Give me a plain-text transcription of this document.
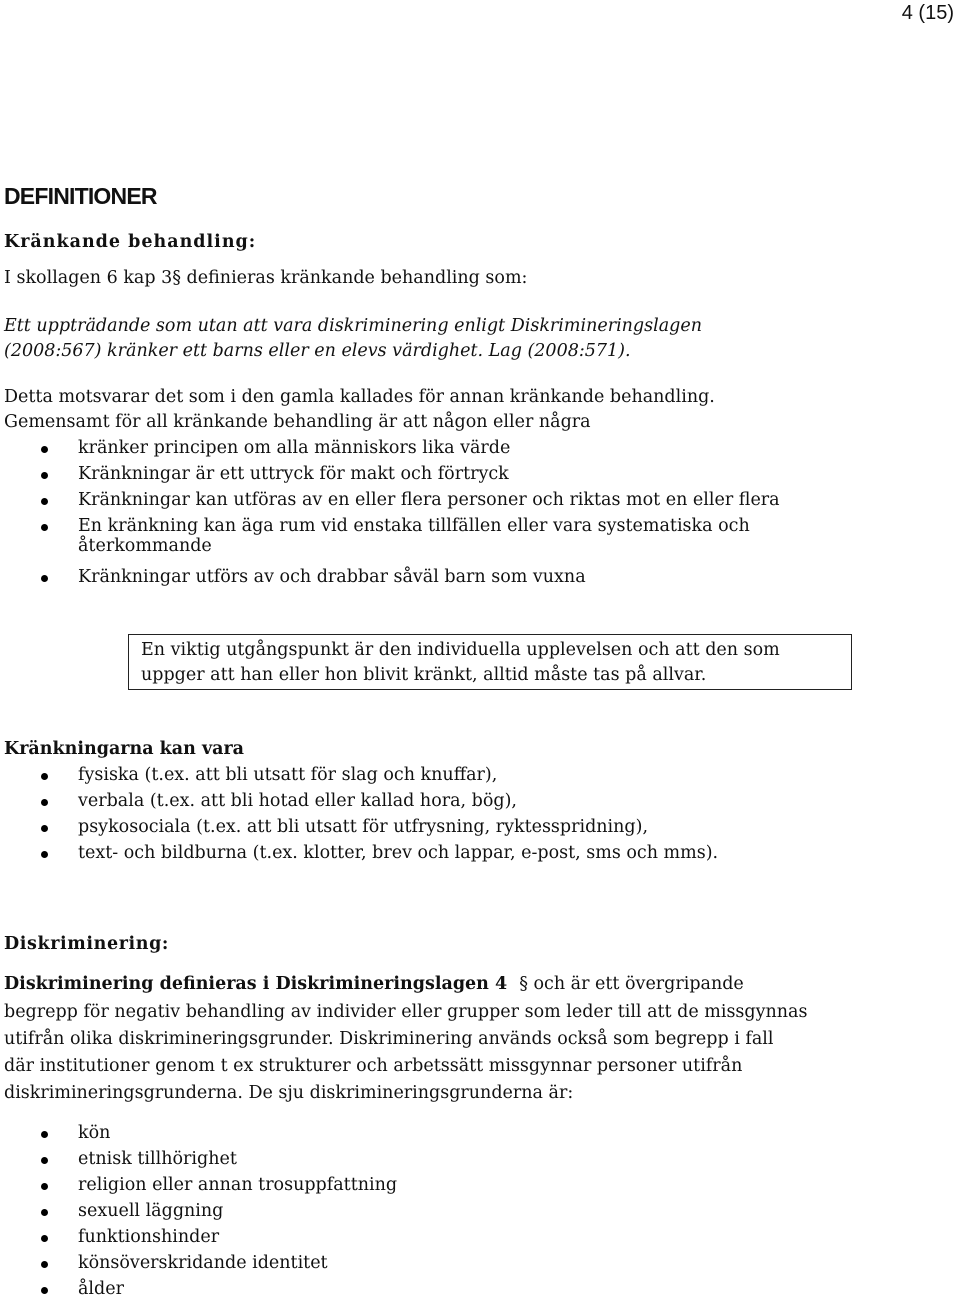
4 (15)
DEFINITIONER
Kränkande behandling:
I skollagen 6 kap 3§ definieras kränkande behandling som:
Ett uppträdande som utan att vara diskriminering enligt Diskrimineringslagen
(2008:567) kränker ett barns eller en elevs värdighet. Lag (2008:571).
Detta motsvarar det som i den gamla kallades för annan kränkande behandling.
Gemensamt för all kränkande behandling är att någon eller några
kränker principen om alla människors lika värde
Kränkningar är ett uttryck för makt och förtryck
Kränkningar kan utföras av en eller flera personer och riktas mot en eller flera
En kränkning kan äga rum vid enstaka tillfällen eller vara systematiska och
återkommande
Kränkningar utförs av och drabbar såväl barn som vuxna
En viktig utgångspunkt är den individuella upplevelsen och att den som
uppger att han eller hon blivit kränkt, alltid måste tas på allvar.
Kränkningarna kan vara
fysiska (t.ex. att bli utsatt för slag och knuffar),
verbala (t.ex. att bli hotad eller kallad hora, bög),
psykosociala (t.ex. att bli utsatt för utfrysning, ryktesspridning),
text- och bildburna (t.ex. klotter, brev och lappar, e-post, sms och mms).
Diskriminering:
Diskriminering definieras i Diskrimineringslagen 4 § och är ett övergripande
begrepp för negativ behandling av individer eller grupper som leder till att de missgynnas
utifrån olika diskrimineringsgrunder. Diskriminering används också som begrepp i fall
där institutioner genom t ex strukturer och arbetssätt missgynnar personer utifrån
diskrimineringsgrunderna. De sju diskrimineringsgrunderna är:
kön
etnisk tillhörighet
religion eller annan trosuppfattning
sexuell läggning
funktionshinder
könsöverskridande identitet
ålder
